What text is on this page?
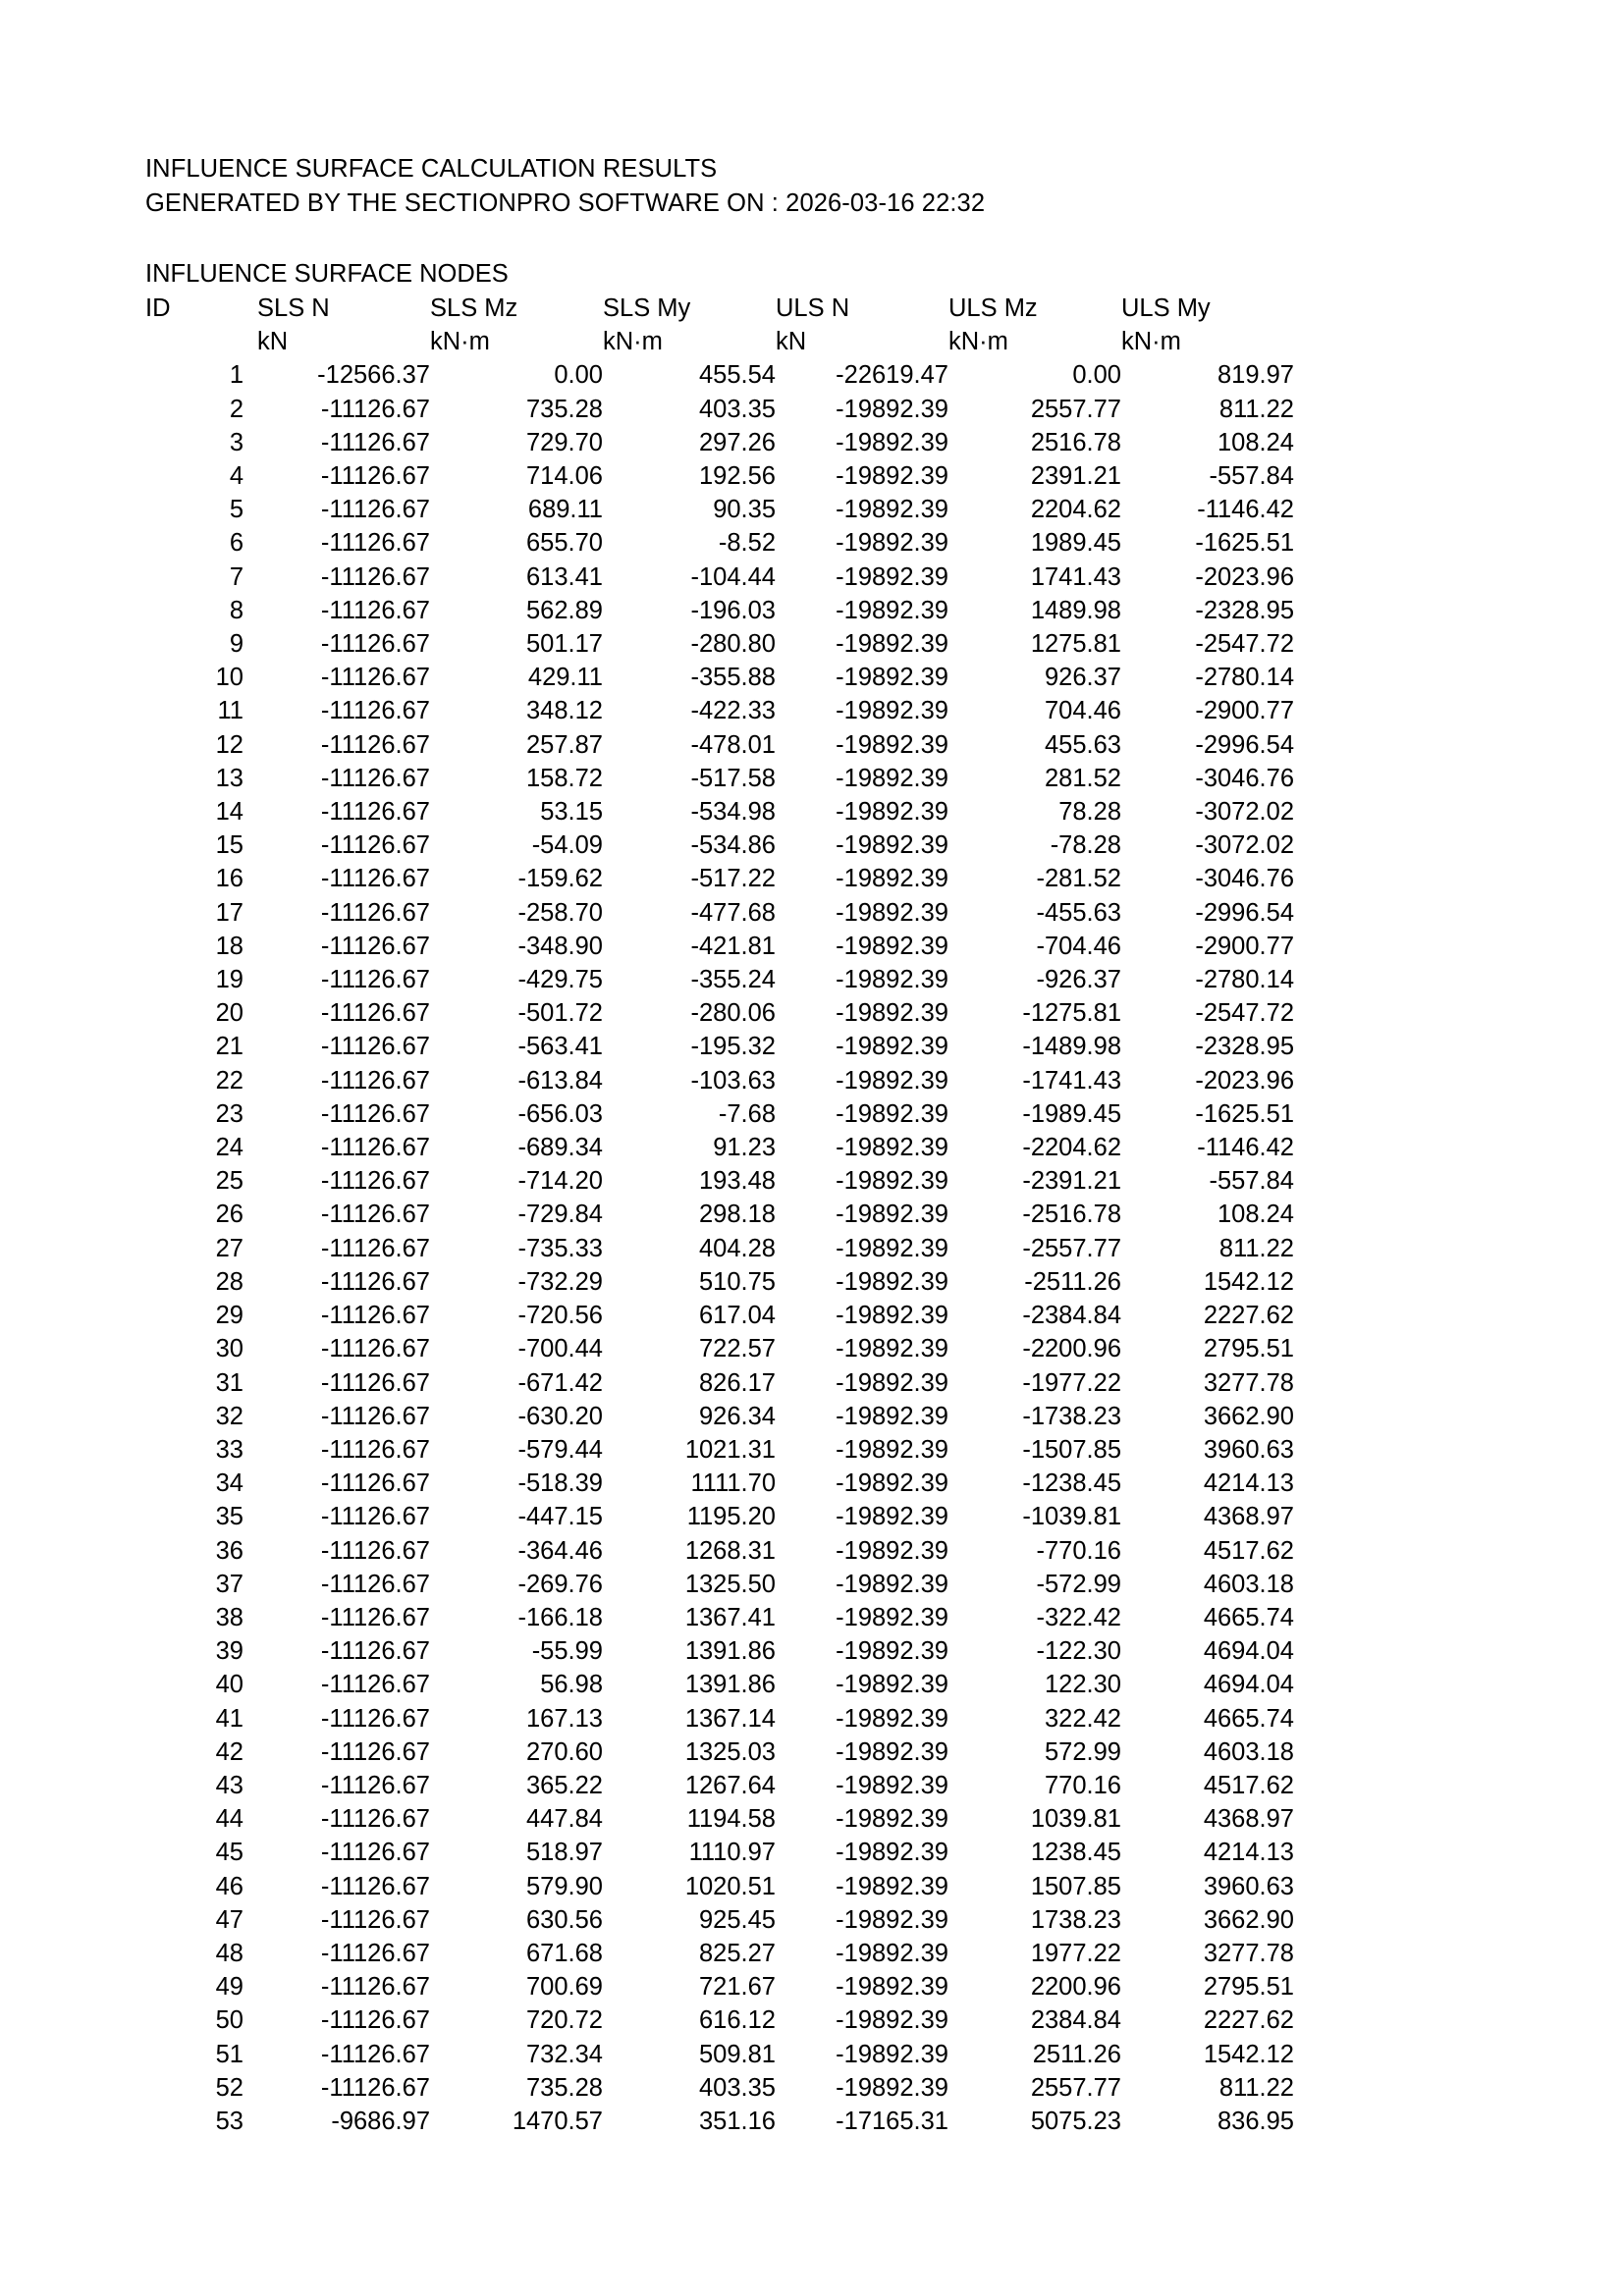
INFLUENCE SURFACE CALCULATION RESULTS
GENERATED BY THE SECTIONPRO SOFTWARE ON : 2026-03-16 22:32
INFLUENCE SURFACE NODES
ID	SLS N	SLS Mz	SLS My	ULS N	ULS Mz	ULS My
	kN	kN·m	kN·m	kN	kN·m	kN·m
1	-12566.37	0.00	455.54	-22619.47	0.00	819.97
2	-11126.67	735.28	403.35	-19892.39	2557.77	811.22
3	-11126.67	729.70	297.26	-19892.39	2516.78	108.24
4	-11126.67	714.06	192.56	-19892.39	2391.21	-557.84
5	-11126.67	689.11	90.35	-19892.39	2204.62	-1146.42
6	-11126.67	655.70	-8.52	-19892.39	1989.45	-1625.51
7	-11126.67	613.41	-104.44	-19892.39	1741.43	-2023.96
8	-11126.67	562.89	-196.03	-19892.39	1489.98	-2328.95
9	-11126.67	501.17	-280.80	-19892.39	1275.81	-2547.72
10	-11126.67	429.11	-355.88	-19892.39	926.37	-2780.14
11	-11126.67	348.12	-422.33	-19892.39	704.46	-2900.77
12	-11126.67	257.87	-478.01	-19892.39	455.63	-2996.54
13	-11126.67	158.72	-517.58	-19892.39	281.52	-3046.76
14	-11126.67	53.15	-534.98	-19892.39	78.28	-3072.02
15	-11126.67	-54.09	-534.86	-19892.39	-78.28	-3072.02
16	-11126.67	-159.62	-517.22	-19892.39	-281.52	-3046.76
17	-11126.67	-258.70	-477.68	-19892.39	-455.63	-2996.54
18	-11126.67	-348.90	-421.81	-19892.39	-704.46	-2900.77
19	-11126.67	-429.75	-355.24	-19892.39	-926.37	-2780.14
20	-11126.67	-501.72	-280.06	-19892.39	-1275.81	-2547.72
21	-11126.67	-563.41	-195.32	-19892.39	-1489.98	-2328.95
22	-11126.67	-613.84	-103.63	-19892.39	-1741.43	-2023.96
23	-11126.67	-656.03	-7.68	-19892.39	-1989.45	-1625.51
24	-11126.67	-689.34	91.23	-19892.39	-2204.62	-1146.42
25	-11126.67	-714.20	193.48	-19892.39	-2391.21	-557.84
26	-11126.67	-729.84	298.18	-19892.39	-2516.78	108.24
27	-11126.67	-735.33	404.28	-19892.39	-2557.77	811.22
28	-11126.67	-732.29	510.75	-19892.39	-2511.26	1542.12
29	-11126.67	-720.56	617.04	-19892.39	-2384.84	2227.62
30	-11126.67	-700.44	722.57	-19892.39	-2200.96	2795.51
31	-11126.67	-671.42	826.17	-19892.39	-1977.22	3277.78
32	-11126.67	-630.20	926.34	-19892.39	-1738.23	3662.90
33	-11126.67	-579.44	1021.31	-19892.39	-1507.85	3960.63
34	-11126.67	-518.39	1111.70	-19892.39	-1238.45	4214.13
35	-11126.67	-447.15	1195.20	-19892.39	-1039.81	4368.97
36	-11126.67	-364.46	1268.31	-19892.39	-770.16	4517.62
37	-11126.67	-269.76	1325.50	-19892.39	-572.99	4603.18
38	-11126.67	-166.18	1367.41	-19892.39	-322.42	4665.74
39	-11126.67	-55.99	1391.86	-19892.39	-122.30	4694.04
40	-11126.67	56.98	1391.86	-19892.39	122.30	4694.04
41	-11126.67	167.13	1367.14	-19892.39	322.42	4665.74
42	-11126.67	270.60	1325.03	-19892.39	572.99	4603.18
43	-11126.67	365.22	1267.64	-19892.39	770.16	4517.62
44	-11126.67	447.84	1194.58	-19892.39	1039.81	4368.97
45	-11126.67	518.97	1110.97	-19892.39	1238.45	4214.13
46	-11126.67	579.90	1020.51	-19892.39	1507.85	3960.63
47	-11126.67	630.56	925.45	-19892.39	1738.23	3662.90
48	-11126.67	671.68	825.27	-19892.39	1977.22	3277.78
49	-11126.67	700.69	721.67	-19892.39	2200.96	2795.51
50	-11126.67	720.72	616.12	-19892.39	2384.84	2227.62
51	-11126.67	732.34	509.81	-19892.39	2511.26	1542.12
52	-11126.67	735.28	403.35	-19892.39	2557.77	811.22
53	-9686.97	1470.57	351.16	-17165.31	5075.23	836.95
